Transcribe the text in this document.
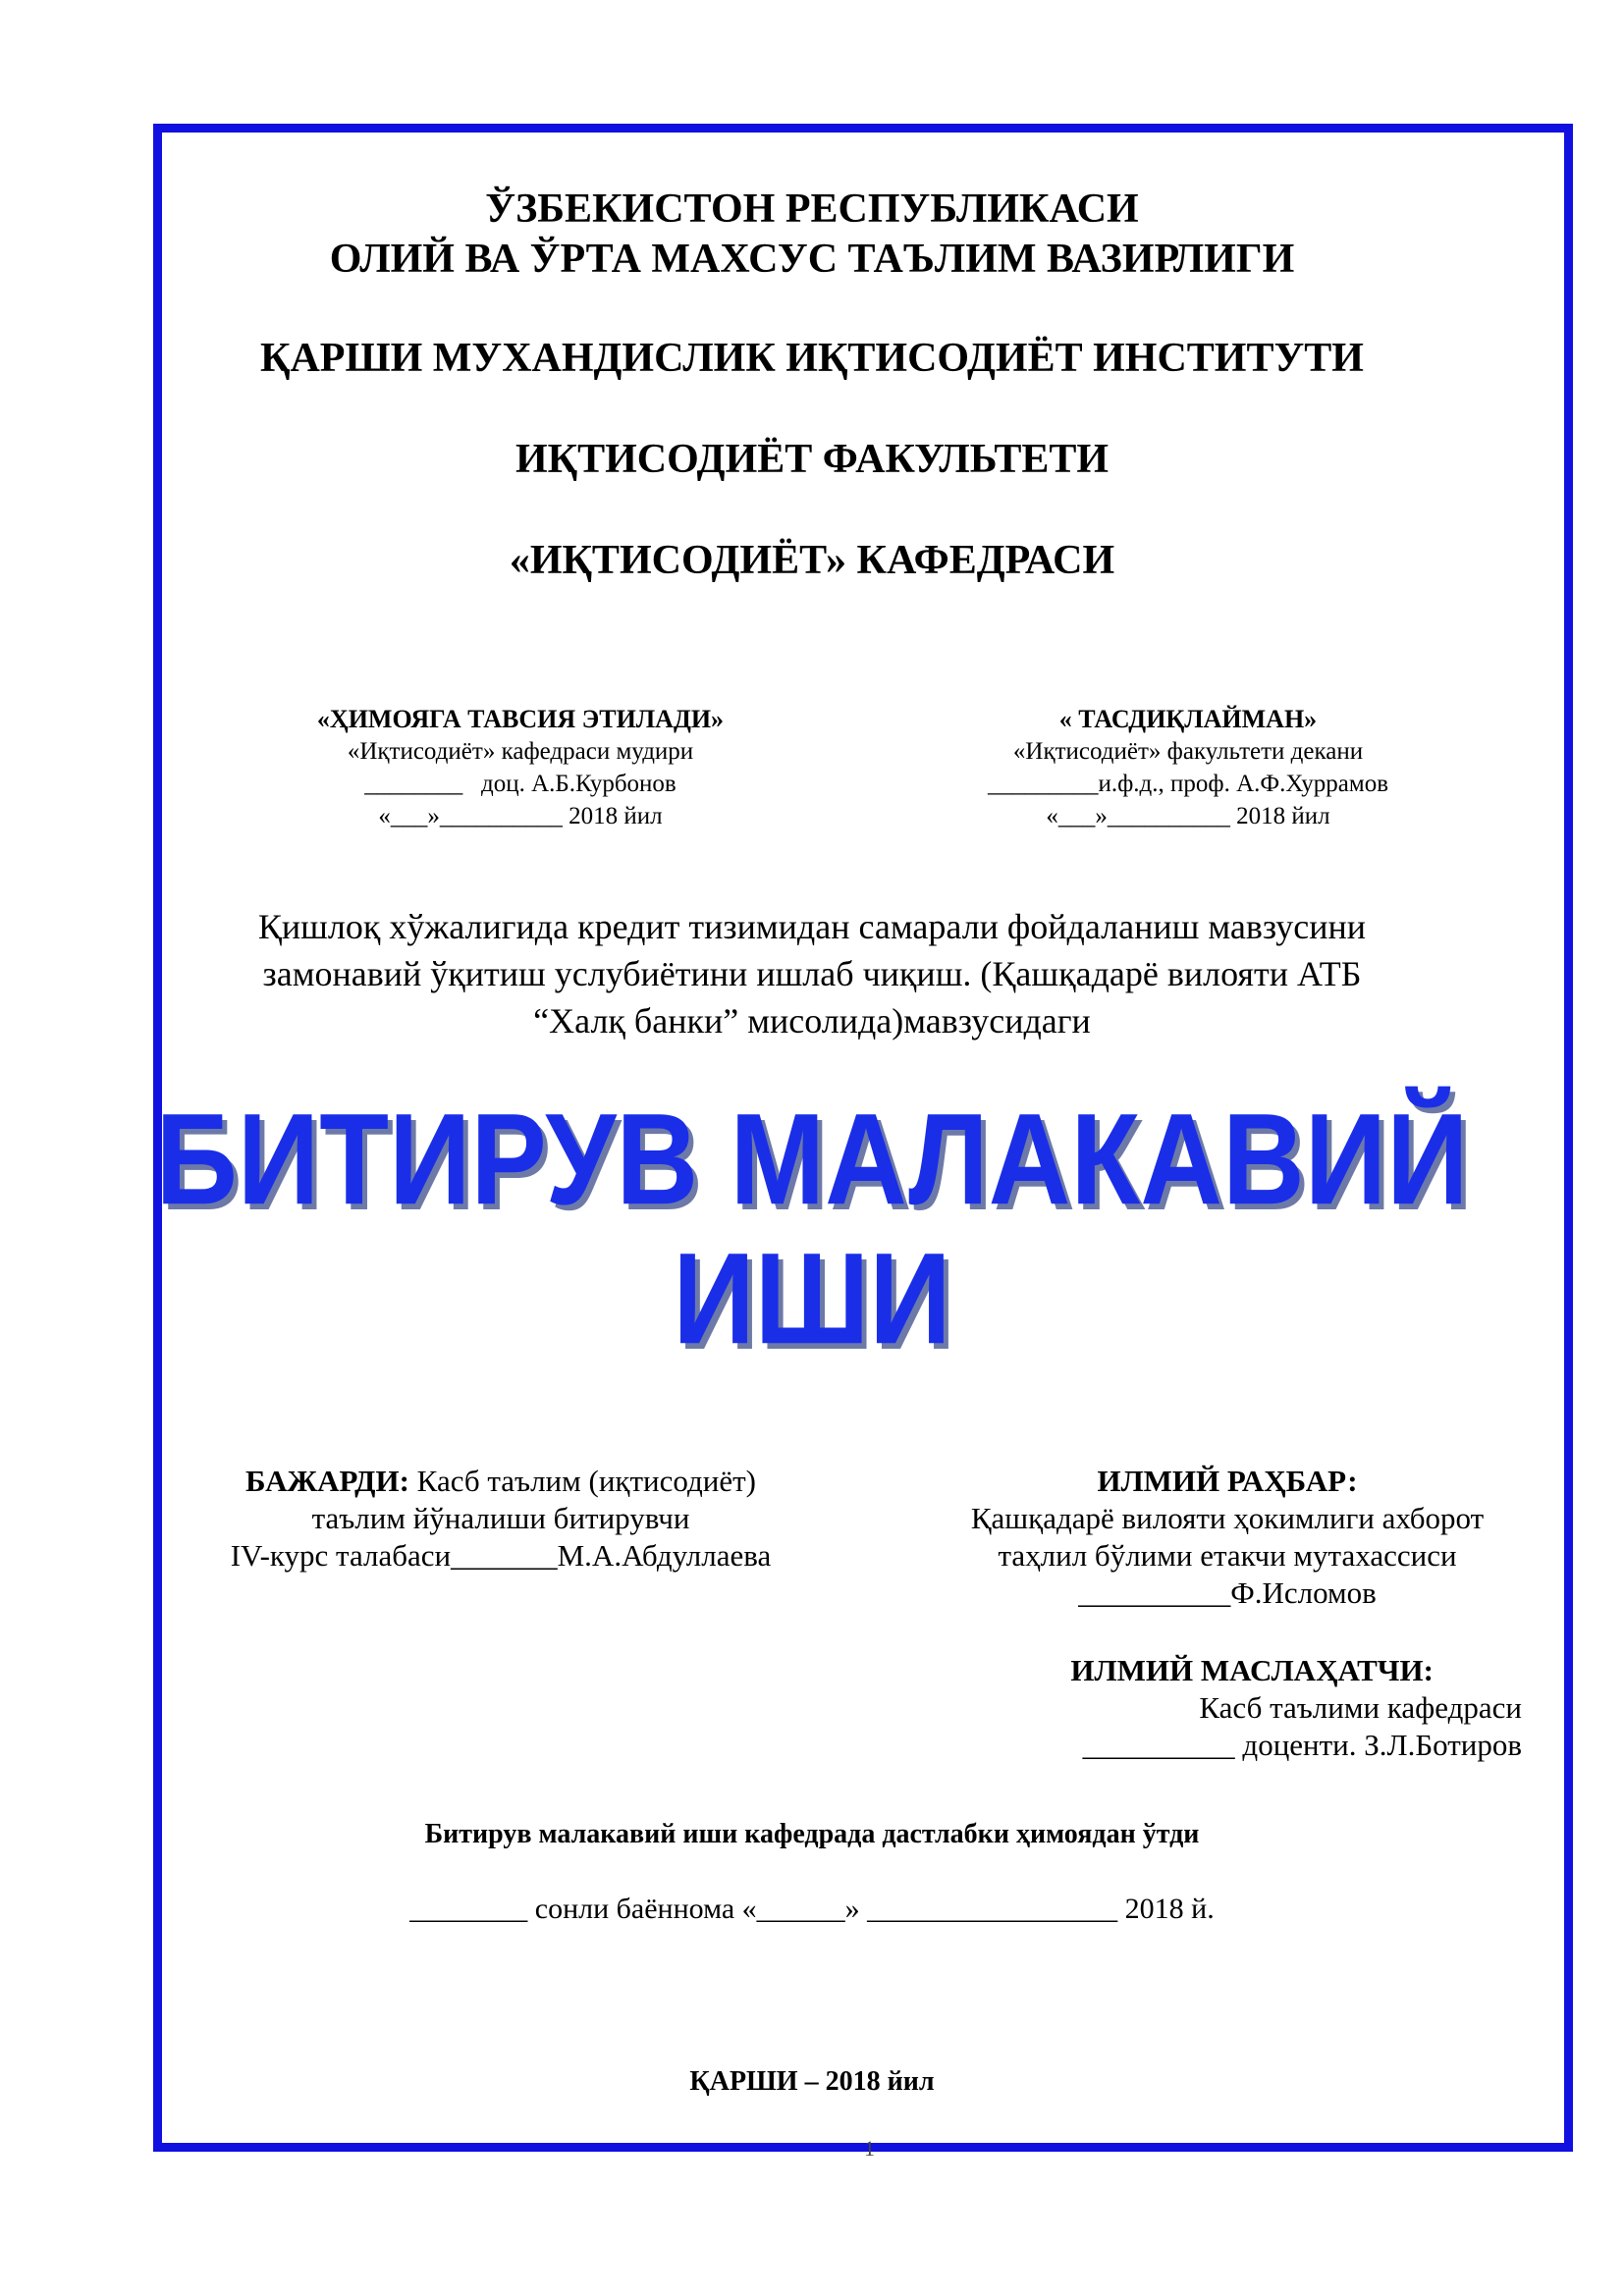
ЎЗБЕКИСТОН РЕСПУБЛИКАСИ
ОЛИЙ ВА ЎРТА МАХСУС ТАЪЛИМ ВАЗИРЛИГИ
ҚАРШИ МУХАНДИСЛИК ИҚТИСОДИЁТ ИНСТИТУТИ
ИҚТИСОДИЁТ ФАКУЛЬТЕТИ
«ИҚТИСОДИЁТ» КАФЕДРАСИ
«ҲИМОЯГА ТАВСИЯ ЭТИЛАДИ»
«Иқтисодиёт» кафедраси мудири
________   доц. А.Б.Курбонов
«___»__________ 2018 йил
« ТАСДИҚЛАЙМАН»
«Иқтисодиёт» факультети декани
_________и.ф.д., проф. А.Ф.Хуррамов
«___»__________ 2018 йил
Қишлоқ хўжалигида кредит тизимидан самарали фойдаланиш мавзусини
замонавий ўқитиш услубиётини ишлаб чиқиш. (Қашқадарё вилояти АТБ
“Халқ банки” мисолида)мавзусидаги
БИТИРУВ МАЛАКАВИЙ
ИШИ
БАЖАРДИ: Касб таълим (иқтисодиёт)
таълим йўналиши битирувчи
IV-курс талабаси_______М.А.Абдуллаева
ИЛМИЙ РАҲБАР:
Қашқадарё вилояти ҳокимлиги ахборот
таҳлил бўлими етакчи мутахассиси
__________Ф.Исломов
ИЛМИЙ МАСЛАҲАТЧИ:
Касб таълими кафедраси
__________ доценти. З.Л.Ботиров
Битирув малакавий иши кафедрада дастлабки ҳимоядан ўтди
________ сонли баённома «______» _________________ 2018 й.
ҚАРШИ – 2018 йил
1
